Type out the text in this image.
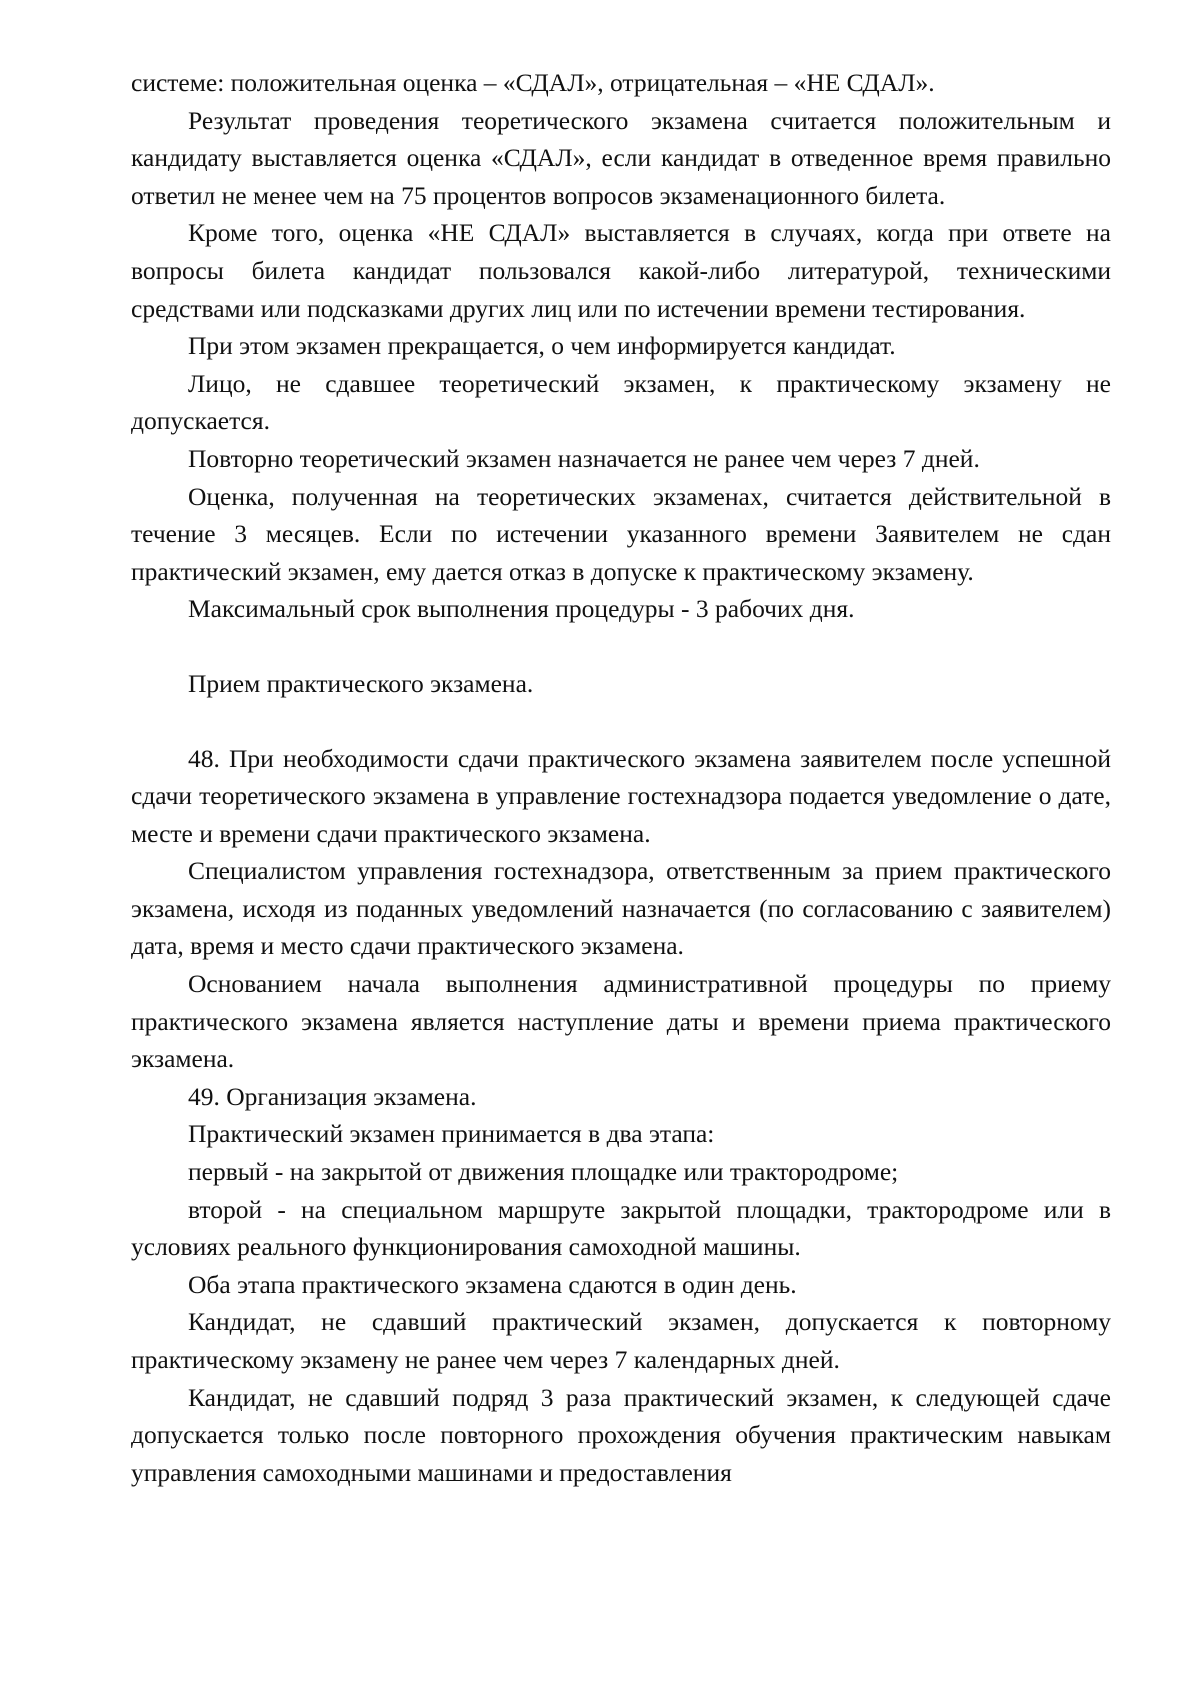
системе: положительная оценка – «СДАЛ», отрицательная – «НЕ СДАЛ».

Результат проведения теоретического экзамена считается положительным и кандидату выставляется оценка «СДАЛ», если кандидат в отведенное время правильно ответил не менее чем на 75 процентов вопросов экзаменационного билета.

Кроме того, оценка «НЕ СДАЛ» выставляется в случаях, когда при ответе на вопросы билета кандидат пользовался какой-либо литературой, техническими средствами или подсказками других лиц или по истечении времени тестирования.

При этом экзамен прекращается, о чем информируется кандидат.

Лицо, не сдавшее теоретический экзамен, к практическому экзамену не допускается.

Повторно теоретический экзамен назначается не ранее чем через 7 дней.

Оценка, полученная на теоретических экзаменах, считается действительной в течение 3 месяцев. Если по истечении указанного времени Заявителем не сдан практический экзамен, ему дается отказ в допуске к практическому экзамену.

Максимальный срок выполнения процедуры - 3 рабочих дня.

Прием практического экзамена.

48. При необходимости сдачи практического экзамена заявителем после успешной сдачи теоретического экзамена в управление гостехнадзора подается уведомление о дате, месте и времени сдачи практического экзамена.

Специалистом управления гостехнадзора, ответственным за прием практического экзамена, исходя из поданных уведомлений назначается (по согласованию с заявителем) дата, время и место сдачи практического экзамена.

Основанием начала выполнения административной процедуры по приему практического экзамена является наступление даты и времени приема практического экзамена.

49. Организация экзамена.

Практический экзамен принимается в два этапа:

первый - на закрытой от движения площадке или трактородроме;

второй - на специальном маршруте закрытой площадки, трактородроме или в условиях реального функционирования самоходной машины.

Оба этапа практического экзамена сдаются в один день.

Кандидат, не сдавший практический экзамен, допускается к повторному практическому экзамену не ранее чем через 7 календарных дней.

Кандидат, не сдавший подряд 3 раза практический экзамен, к следующей сдаче допускается только после повторного прохождения обучения практическим навыкам управления самоходными машинами и предоставления
